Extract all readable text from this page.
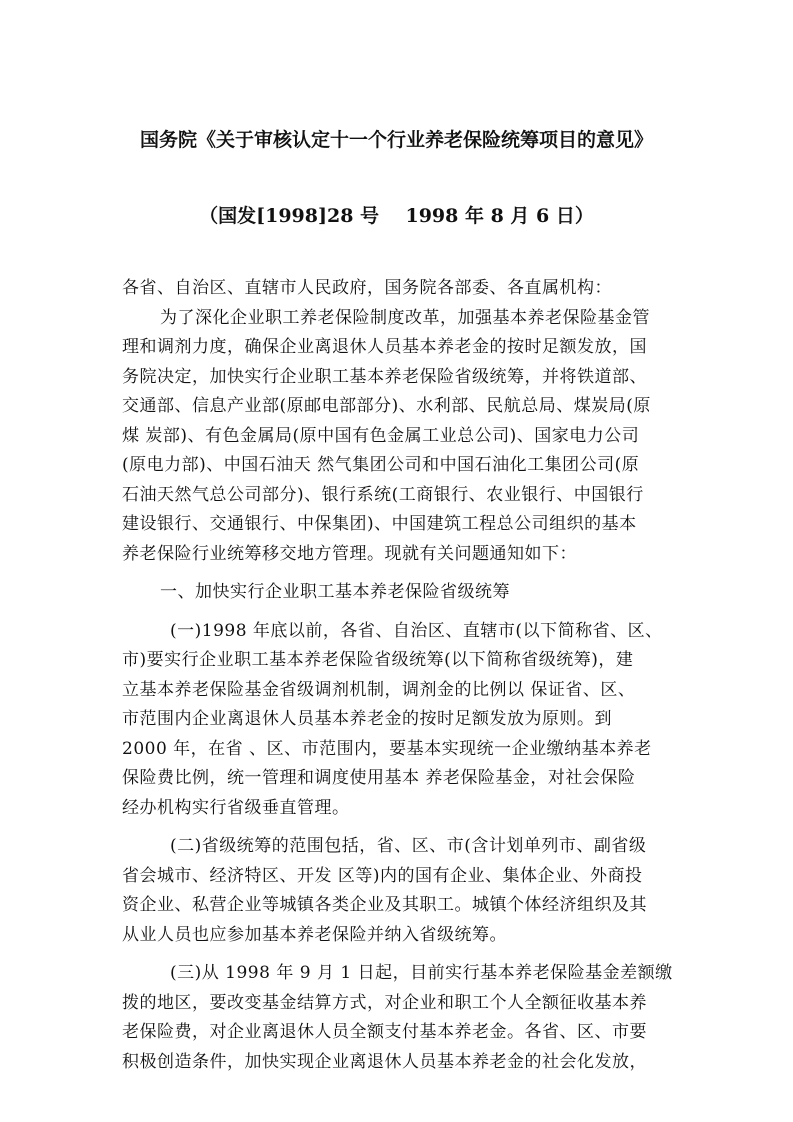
国务院《关于审核认定十一个行业养老保险统筹项目的意见》
（国发[1998]28 号    1998 年 8 月 6 日）

各省、自治区、直辖市人民政府，国务院各部委、各直属机构：

为了深化企业职工养老保险制度改革，加强基本养老保险基金管
理和调剂力度，确保企业离退休人员基本养老金的按时足额发放，国
务院决定，加快实行企业职工基本养老保险省级统筹，并将铁道部、
交通部、信息产业部(原邮电部部分)、水利部、民航总局、煤炭局(原
煤 炭部)、有色金属局(原中国有色金属工业总公司)、国家电力公司
(原电力部)、中国石油天 然气集团公司和中国石油化工集团公司(原
石油天然气总公司部分)、银行系统(工商银行、农业银行、中国银行
建设银行、交通银行、中保集团)、中国建筑工程总公司组织的基本
养老保险行业统筹移交地方管理。现就有关问题通知如下：

一、加快实行企业职工基本养老保险省级统筹

(一)1998 年底以前，各省、自治区、直辖市(以下简称省、区、
市)要实行企业职工基本养老保险省级统筹(以下简称省级统筹)，建
立基本养老保险基金省级调剂机制，调剂金的比例以 保证省、区、
市范围内企业离退休人员基本养老金的按时足额发放为原则。到
2000 年，在省 、区、市范围内，要基本实现统一企业缴纳基本养老
保险费比例，统一管理和调度使用基本 养老保险基金，对社会保险
经办机构实行省级垂直管理。

(二)省级统筹的范围包括，省、区、市(含计划单列市、副省级
省会城市、经济特区、开发 区等)内的国有企业、集体企业、外商投
资企业、私营企业等城镇各类企业及其职工。城镇个体经济组织及其
从业人员也应参加基本养老保险并纳入省级统筹。

(三)从 1998 年 9 月 1 日起，目前实行基本养老保险基金差额缴
拨的地区，要改变基金结算方式，对企业和职工个人全额征收基本养
老保险费，对企业离退休人员全额支付基本养老金。各省、区、市要
积极创造条件，加快实现企业离退休人员基本养老金的社会化发放，
